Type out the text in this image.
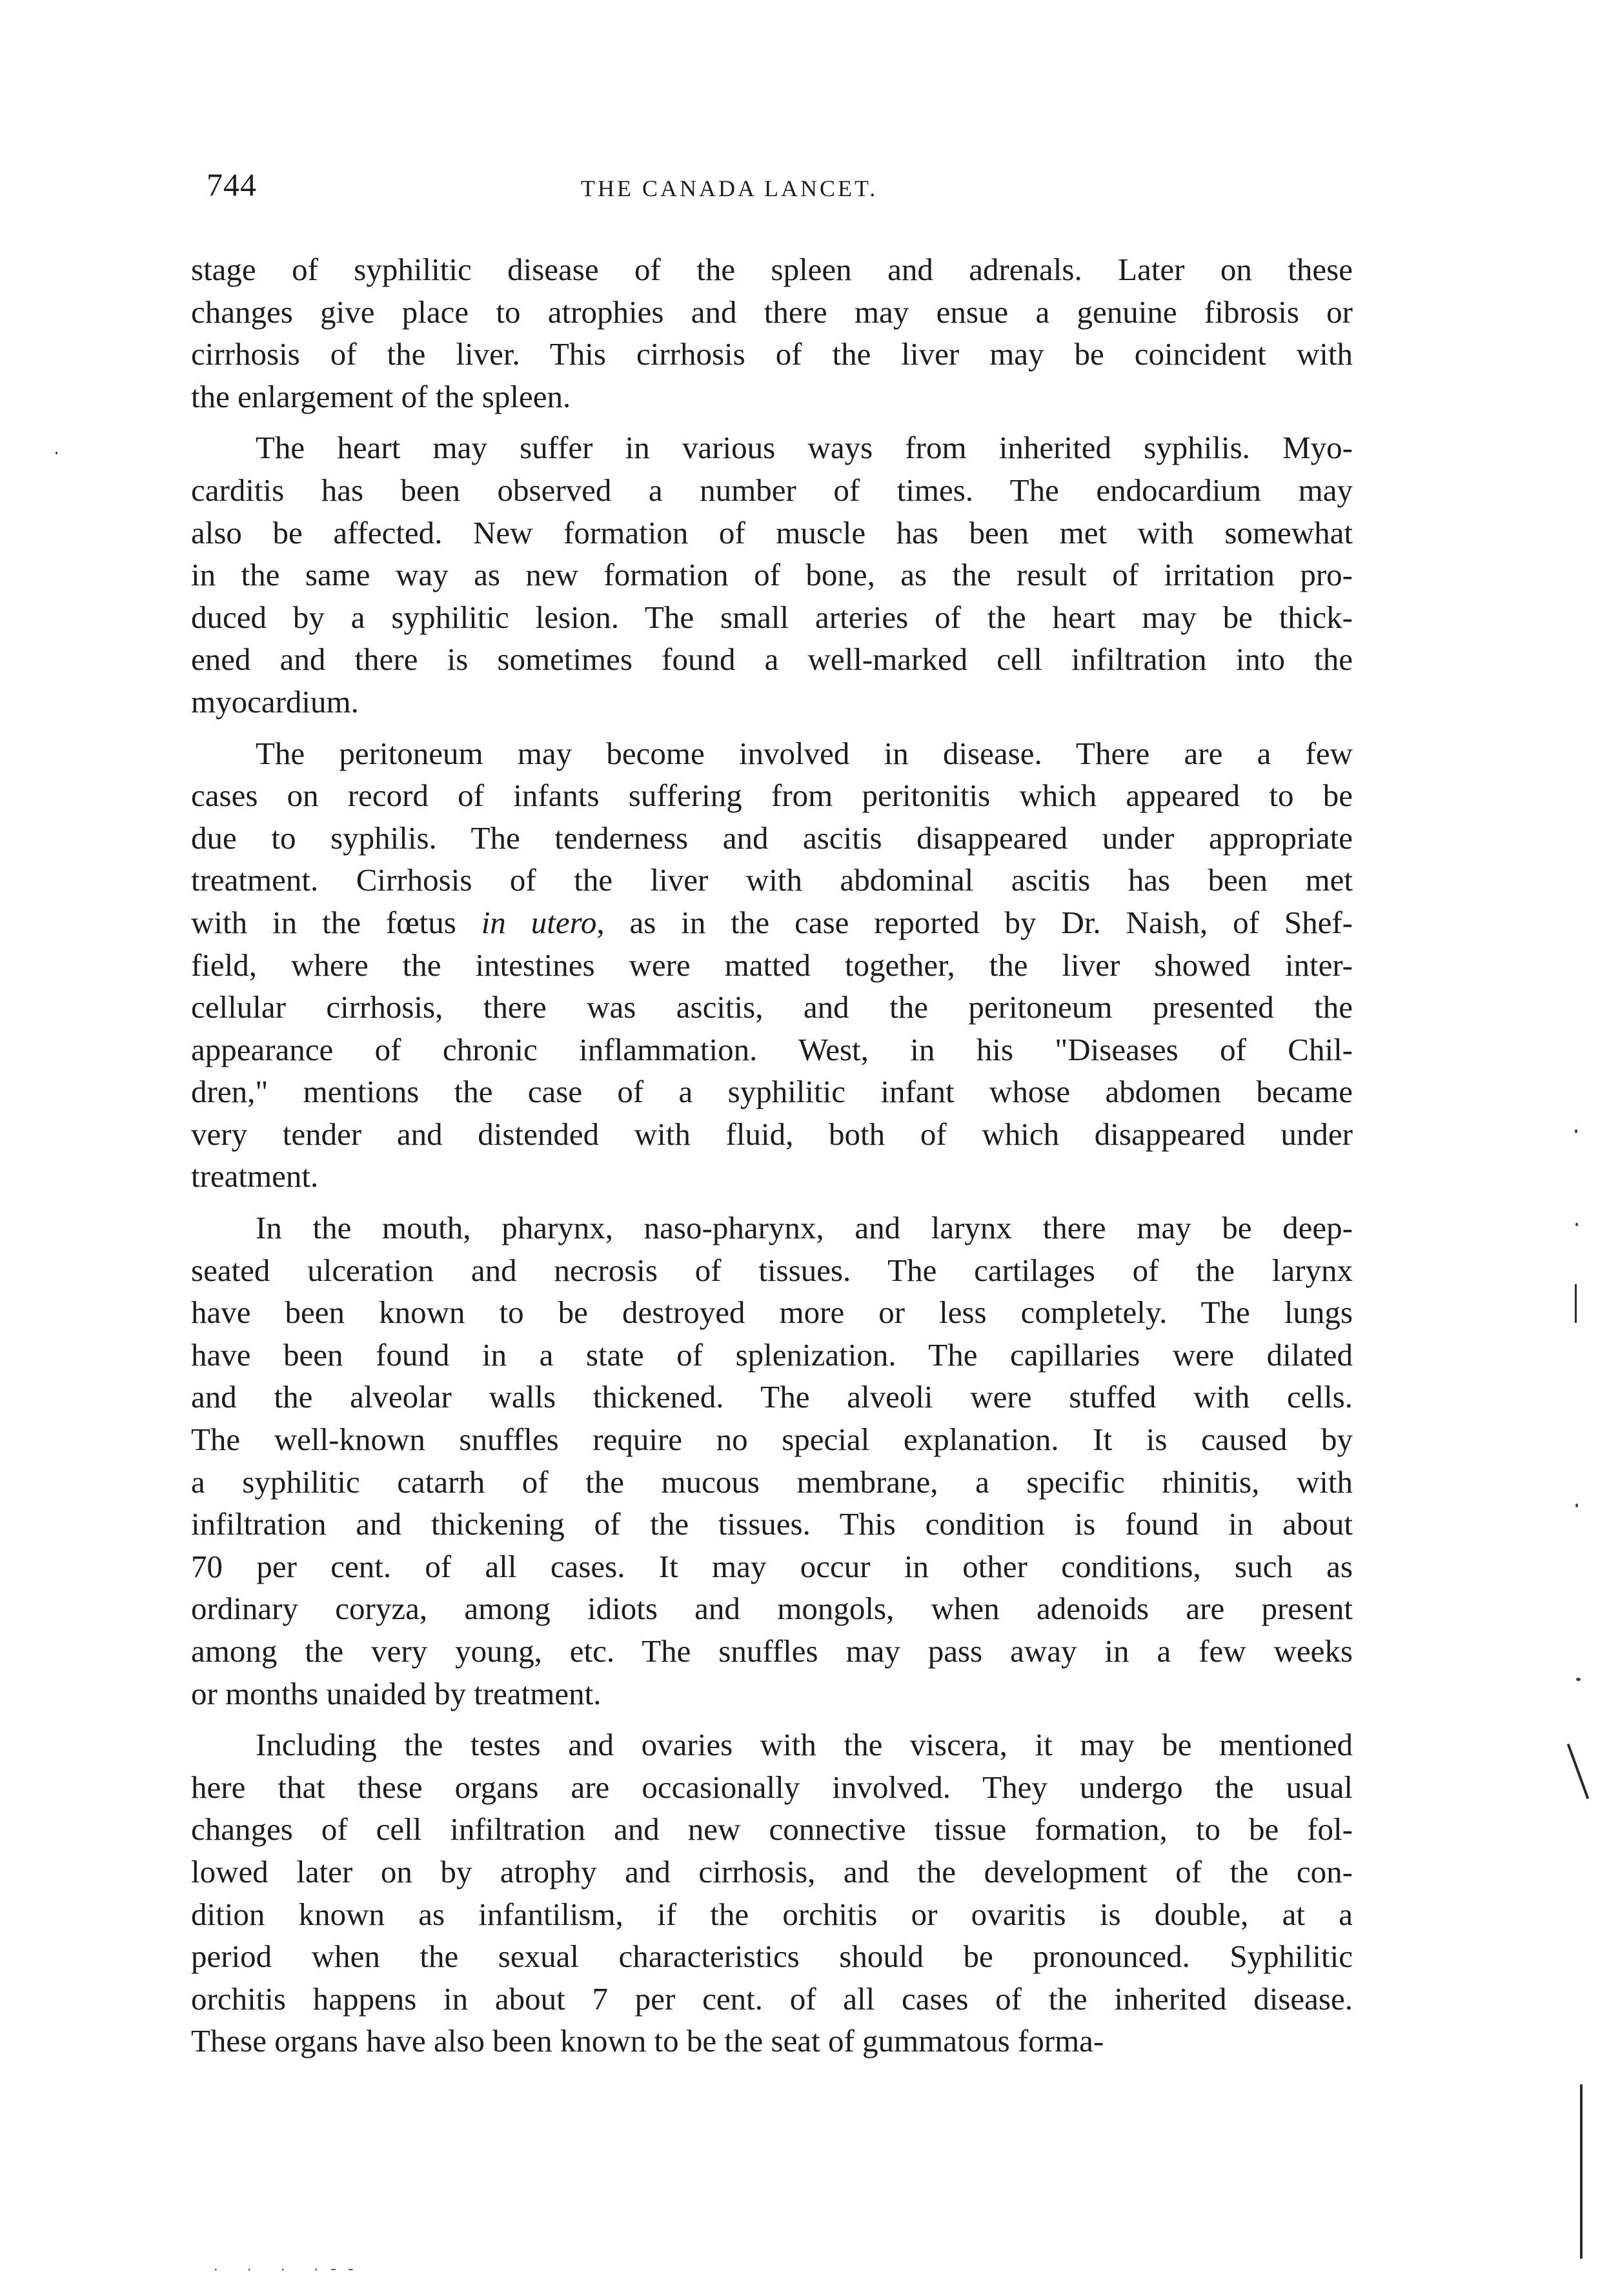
744	THE CANADA LANCET.

stage of syphilitic disease of the spleen and adrenals. Later on these
changes give place to atrophies and there may ensue a genuine fibrosis or
cirrhosis of the liver. This cirrhosis of the liver may be coincident with
the enlargement of the spleen.

The heart may suffer in various ways from inherited syphilis. Myo-
carditis has been observed a number of times. The endocardium may
also be affected. New formation of muscle has been met with somewhat
in the same way as new formation of bone, as the result of irritation pro-
duced by a syphilitic lesion. The small arteries of the heart may be thick-
ened and there is sometimes found a well-marked cell infiltration into the
myocardium.

The peritoneum may become involved in disease. There are a few
cases on record of infants suffering from peritonitis which appeared to be
due to syphilis. The tenderness and ascitis disappeared under appropriate
treatment. Cirrhosis of the liver with abdominal ascitis has been met
with in the fœtus in utero, as in the case reported by Dr. Naish, of Shef-
field, where the intestines were matted together, the liver showed inter-
cellular cirrhosis, there was ascitis, and the peritoneum presented the
appearance of chronic inflammation. West, in his "Diseases of Chil-
dren," mentions the case of a syphilitic infant whose abdomen became
very tender and distended with fluid, both of which disappeared under
treatment.

In the mouth, pharynx, naso-pharynx, and larynx there may be deep-
seated ulceration and necrosis of tissues. The cartilages of the larynx
have been known to be destroyed more or less completely. The lungs
have been found in a state of splenization. The capillaries were dilated
and the alveolar walls thickened. The alveoli were stuffed with cells.
The well-known snuffles require no special explanation. It is caused by
a syphilitic catarrh of the mucous membrane, a specific rhinitis, with
infiltration and thickening of the tissues. This condition is found in about
70 per cent. of all cases. It may occur in other conditions, such as
ordinary coryza, among idiots and mongols, when adenoids are present
among the very young, etc. The snuffles may pass away in a few weeks
or months unaided by treatment.

Including the testes and ovaries with the viscera, it may be mentioned
here that these organs are occasionally involved. They undergo the usual
changes of cell infiltration and new connective tissue formation, to be fol-
lowed later on by atrophy and cirrhosis, and the development of the con-
dition known as infantilism, if the orchitis or ovaritis is double, at a
period when the sexual characteristics should be pronounced. Syphilitic
orchitis happens in about 7 per cent. of all cases of the inherited disease.
These organs have also been known to be the seat of gummatous forma-

· · · ·‑‑
